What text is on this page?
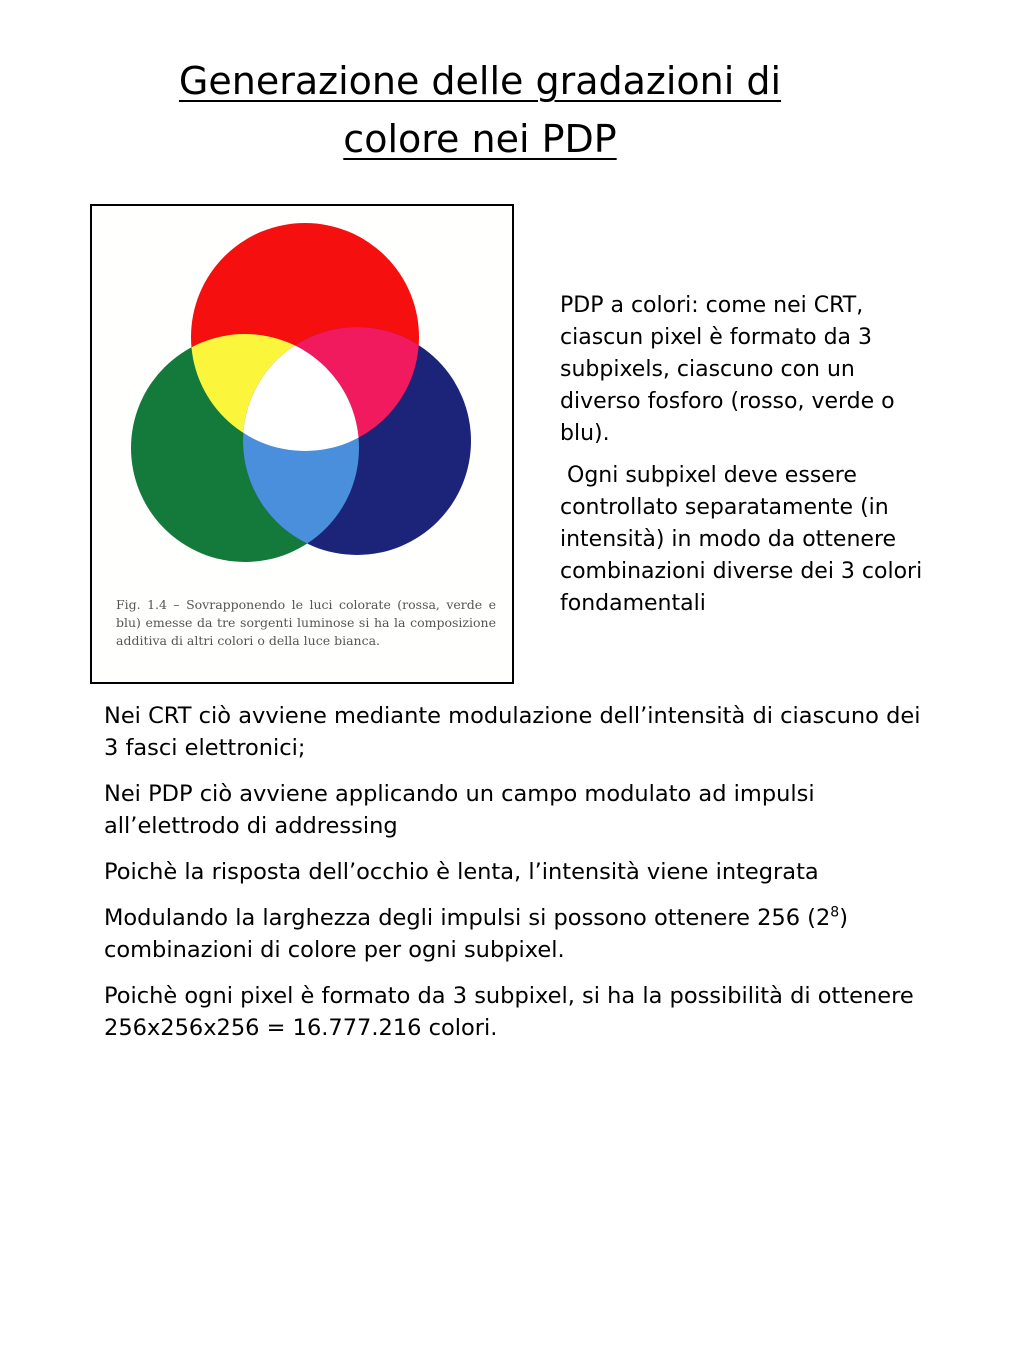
Generazione delle gradazioni di
colore nei PDP
Fig. 1.4 – Sovrapponendo le luci colorate (rossa, verde e blu) emesse da tre sorgenti luminose si ha la composizione additiva di altri colori o della luce bianca.

PDP a colori: come nei CRT, ciascun pixel è formato da 3 subpixels, ciascuno con un diverso fosforo (rosso, verde o blu).

Ogni subpixel deve essere controllato separatamente (in intensità) in modo da ottenere combinazioni diverse dei 3 colori fondamentali

Nei CRT ciò avviene mediante modulazione dell’intensità di ciascuno dei 3 fasci elettronici;

Nei PDP ciò avviene applicando un campo modulato ad impulsi all’elettrodo di addressing

Poichè la risposta dell’occhio è lenta, l’intensità viene integrata

Modulando la larghezza degli impulsi si possono ottenere 256 $(2^8)$  combinazioni di colore per ogni subpixel.

Poichè ogni pixel è formato da 3 subpixel, si ha la possibilità di ottenere 256x256x256 = 16.777.216 colori.
